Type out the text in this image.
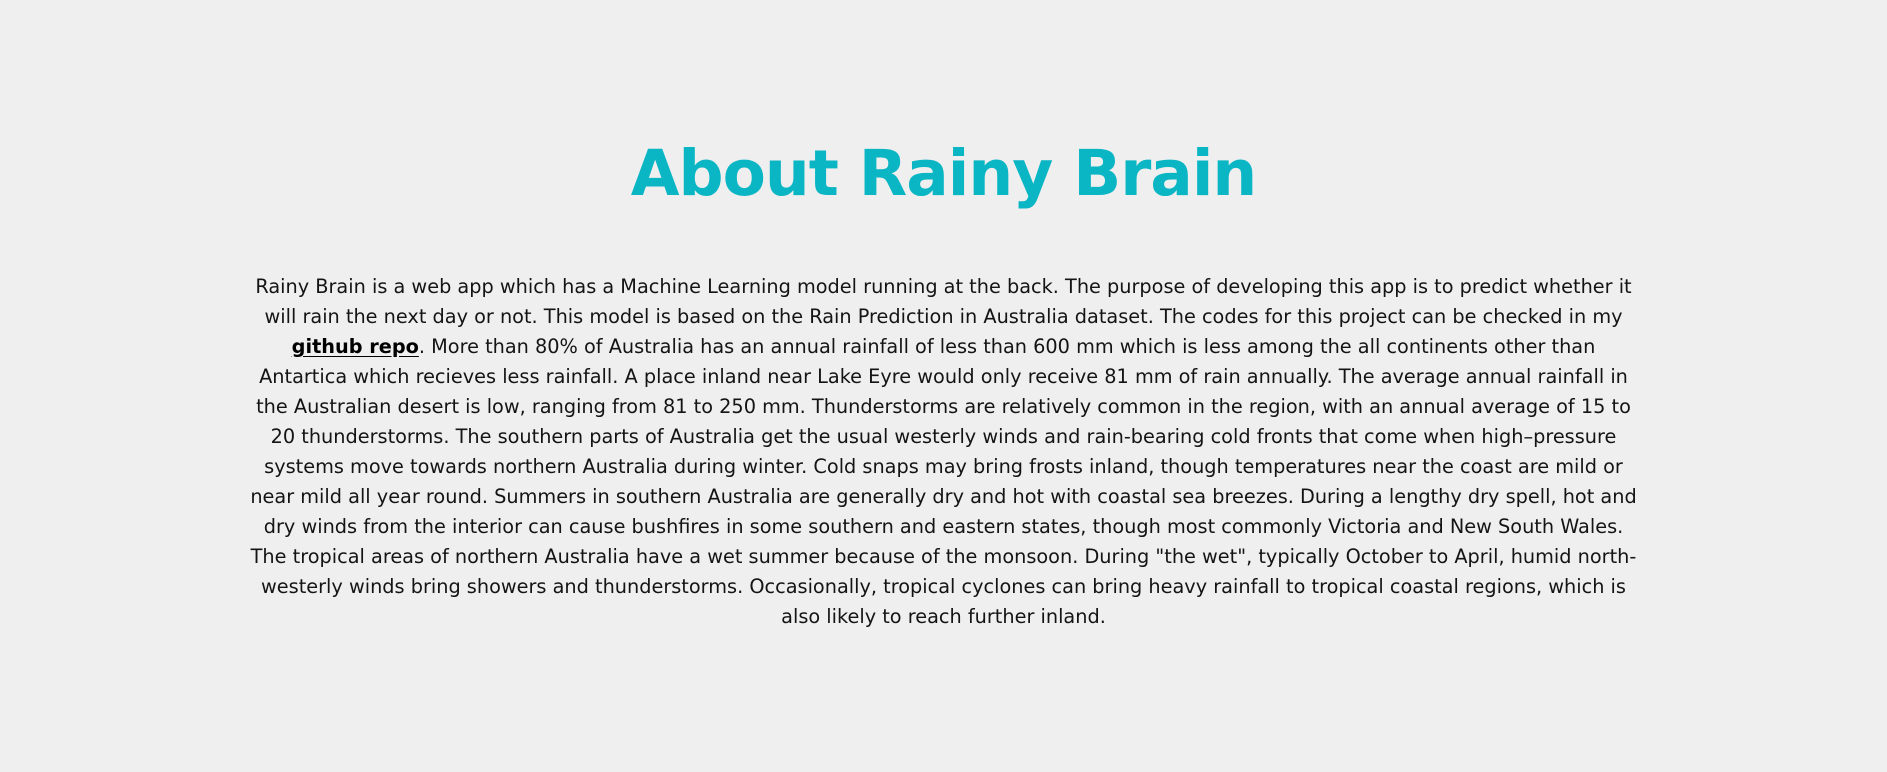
About Rainy Brain

Rainy Brain is a web app which has a Machine Learning model running at the back. The purpose of developing this app is to predict whether it will rain the next day or not. This model is based on the Rain Prediction in Australia dataset. The codes for this project can be checked in my github repo. More than 80% of Australia has an annual rainfall of less than 600 mm which is less among the all continents other than Antartica which recieves less rainfall. A place inland near Lake Eyre would only receive 81 mm of rain annually. The average annual rainfall in the Australian desert is low, ranging from 81 to 250 mm. Thunderstorms are relatively common in the region, with an annual average of 15 to 20 thunderstorms. The southern parts of Australia get the usual westerly winds and rain-bearing cold fronts that come when high–pressure systems move towards northern Australia during winter. Cold snaps may bring frosts inland, though temperatures near the coast are mild or near mild all year round. Summers in southern Australia are generally dry and hot with coastal sea breezes. During a lengthy dry spell, hot and dry winds from the interior can cause bushfires in some southern and eastern states, though most commonly Victoria and New South Wales. The tropical areas of northern Australia have a wet summer because of the monsoon. During "the wet", typically October to April, humid north-westerly winds bring showers and thunderstorms. Occasionally, tropical cyclones can bring heavy rainfall to tropical coastal regions, which is also likely to reach further inland.
